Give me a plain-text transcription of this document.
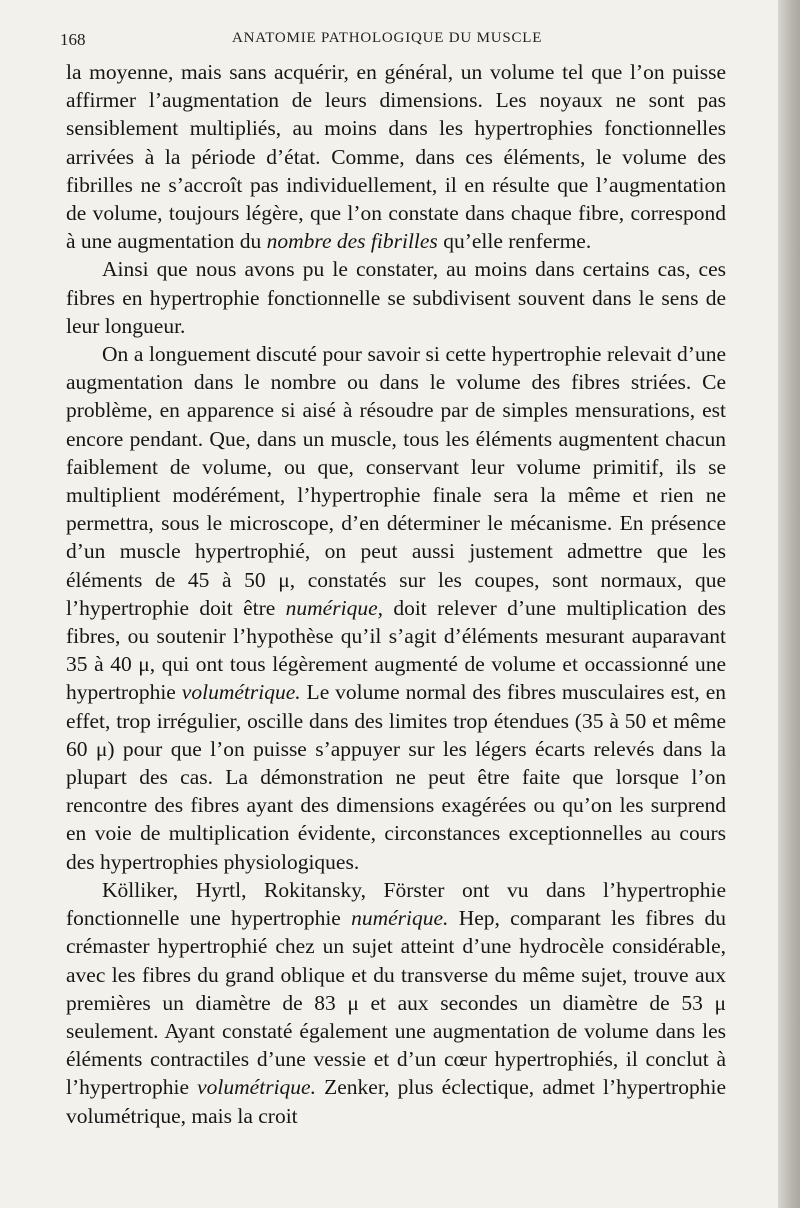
168	ANATOMIE PATHOLOGIQUE DU MUSCLE

la moyenne, mais sans acquérir, en général, un volume tel que l’on puisse affirmer l’augmentation de leurs dimensions. Les noyaux ne sont pas sensiblement multipliés, au moins dans les hypertrophies fonctionnelles arrivées à la période d’état. Comme, dans ces éléments, le volume des fibrilles ne s’accroît pas individuellement, il en résulte que l’augmentation de volume, toujours légère, que l’on constate dans chaque fibre, correspond à une augmentation du nombre des fibrilles qu’elle renferme.

Ainsi que nous avons pu le constater, au moins dans certains cas, ces fibres en hypertrophie fonctionnelle se subdivisent souvent dans le sens de leur longueur.

On a longuement discuté pour savoir si cette hypertrophie relevait d’une augmentation dans le nombre ou dans le volume des fibres striées. Ce problème, en apparence si aisé à résoudre par de simples mensurations, est encore pendant. Que, dans un muscle, tous les éléments augmentent chacun faiblement de volume, ou que, conservant leur volume primitif, ils se multiplient modérément, l’hypertrophie finale sera la même et rien ne permettra, sous le microscope, d’en déterminer le mécanisme. En présence d’un muscle hypertrophié, on peut aussi justement admettre que les éléments de 45 à 50 μ, constatés sur les coupes, sont normaux, que l’hypertrophie doit être numérique, doit relever d’une multiplication des fibres, ou soutenir l’hypothèse qu’il s’agit d’éléments mesurant auparavant 35 à 40 μ, qui ont tous légèrement augmenté de volume et occassionné une hypertrophie volumétrique. Le volume normal des fibres musculaires est, en effet, trop irrégulier, oscille dans des limites trop étendues (35 à 50 et même 60 μ) pour que l’on puisse s’appuyer sur les légers écarts relevés dans la plupart des cas. La démonstration ne peut être faite que lorsque l’on rencontre des fibres ayant des dimensions exagérées ou qu’on les surprend en voie de multiplication évidente, circonstances exceptionnelles au cours des hypertrophies physiologiques.

Kölliker, Hyrtl, Rokitansky, Förster ont vu dans l’hypertrophie fonctionnelle une hypertrophie numérique. Hep, comparant les fibres du crémaster hypertrophié chez un sujet atteint d’une hydrocèle considérable, avec les fibres du grand oblique et du transverse du même sujet, trouve aux premières un diamètre de 83 μ et aux secondes un diamètre de 53 μ seulement. Ayant constaté également une augmentation de volume dans les éléments contractiles d’une vessie et d’un cœur hypertrophiés, il conclut à l’hypertrophie volumétrique. Zenker, plus éclectique, admet l’hypertrophie volumétrique, mais la croit
